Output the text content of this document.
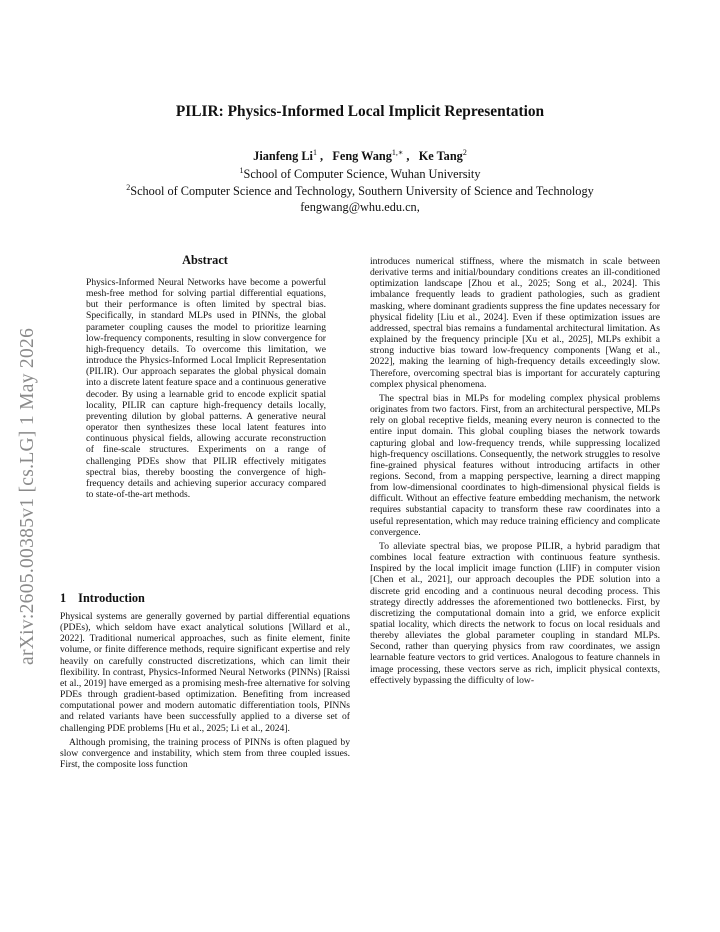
arXiv:2605.00385v1 [cs.LG] 1 May 2026
PILIR: Physics-Informed Local Implicit Representation
Jianfeng Li$^1$ ,   Feng Wang$^{1,∗}$ ,   Ke Tang$^2$
$^1$School of Computer Science, Wuhan University
$^2$School of Computer Science and Technology, Southern University of Science and Technology
fengwang@whu.edu.cn,
Abstract

Physics-Informed Neural Networks have become a powerful mesh-free method for solving partial differential equations, but their performance is often limited by spectral bias. Specifically, in standard MLPs used in PINNs, the global parameter coupling causes the model to prioritize learning low-frequency components, resulting in slow convergence for high-frequency details. To overcome this limitation, we introduce the Physics-Informed Local Implicit Representation (PILIR). Our approach separates the global physical domain into a discrete latent feature space and a continuous generative decoder. By using a learnable grid to encode explicit spatial locality, PILIR can capture high-frequency details locally, preventing dilution by global patterns. A generative neural operator then synthesizes these local latent features into continuous physical fields, allowing accurate reconstruction of fine-scale structures. Experiments on a range of challenging PDEs show that PILIR effectively mitigates spectral bias, thereby boosting the convergence of high-frequency details and achieving superior accuracy compared to state-of-the-art methods.

1 Introduction

Physical systems are generally governed by partial differential equations (PDEs), which seldom have exact analytical solutions [Willard et al., 2022]. Traditional numerical approaches, such as finite element, finite volume, or finite difference methods, require significant expertise and rely heavily on carefully constructed discretizations, which can limit their flexibility. In contrast, Physics-Informed Neural Networks (PINNs) [Raissi et al., 2019] have emerged as a promising mesh-free alternative for solving PDEs through gradient-based optimization. Benefiting from increased computational power and modern automatic differentiation tools, PINNs and related variants have been successfully applied to a diverse set of challenging PDE problems [Hu et al., 2025; Li et al., 2024].

Although promising, the training process of PINNs is often plagued by slow convergence and instability, which stem from three coupled issues. First, the composite loss function

introduces numerical stiffness, where the mismatch in scale between derivative terms and initial/boundary conditions creates an ill-conditioned optimization landscape [Zhou et al., 2025; Song et al., 2024]. This imbalance frequently leads to gradient pathologies, such as gradient masking, where dominant gradients suppress the fine updates necessary for physical fidelity [Liu et al., 2024]. Even if these optimization issues are addressed, spectral bias remains a fundamental architectural limitation. As explained by the frequency principle [Xu et al., 2025], MLPs exhibit a strong inductive bias toward low-frequency components [Wang et al., 2022], making the learning of high-frequency details exceedingly slow. Therefore, overcoming spectral bias is important for accurately capturing complex physical phenomena.

The spectral bias in MLPs for modeling complex physical problems originates from two factors. First, from an architectural perspective, MLPs rely on global receptive fields, meaning every neuron is connected to the entire input domain. This global coupling biases the network towards capturing global and low-frequency trends, while suppressing localized high-frequency oscillations. Consequently, the network struggles to resolve fine-grained physical features without introducing artifacts in other regions. Second, from a mapping perspective, learning a direct mapping from low-dimensional coordinates to high-dimensional physical fields is difficult. Without an effective feature embedding mechanism, the network requires substantial capacity to transform these raw coordinates into a useful representation, which may reduce training efficiency and complicate convergence.

To alleviate spectral bias, we propose PILIR, a hybrid paradigm that combines local feature extraction with continuous feature synthesis. Inspired by the local implicit image function (LIIF) in computer vision [Chen et al., 2021], our approach decouples the PDE solution into a discrete grid encoding and a continuous neural decoding process. This strategy directly addresses the aforementioned two bottlenecks. First, by discretizing the computational domain into a grid, we enforce explicit spatial locality, which directs the network to focus on local residuals and thereby alleviates the global parameter coupling in standard MLPs. Second, rather than querying physics from raw coordinates, we assign learnable feature vectors to grid vertices. Analogous to feature channels in image processing, these vectors serve as rich, implicit physical contexts, effectively bypassing the difficulty of low-
